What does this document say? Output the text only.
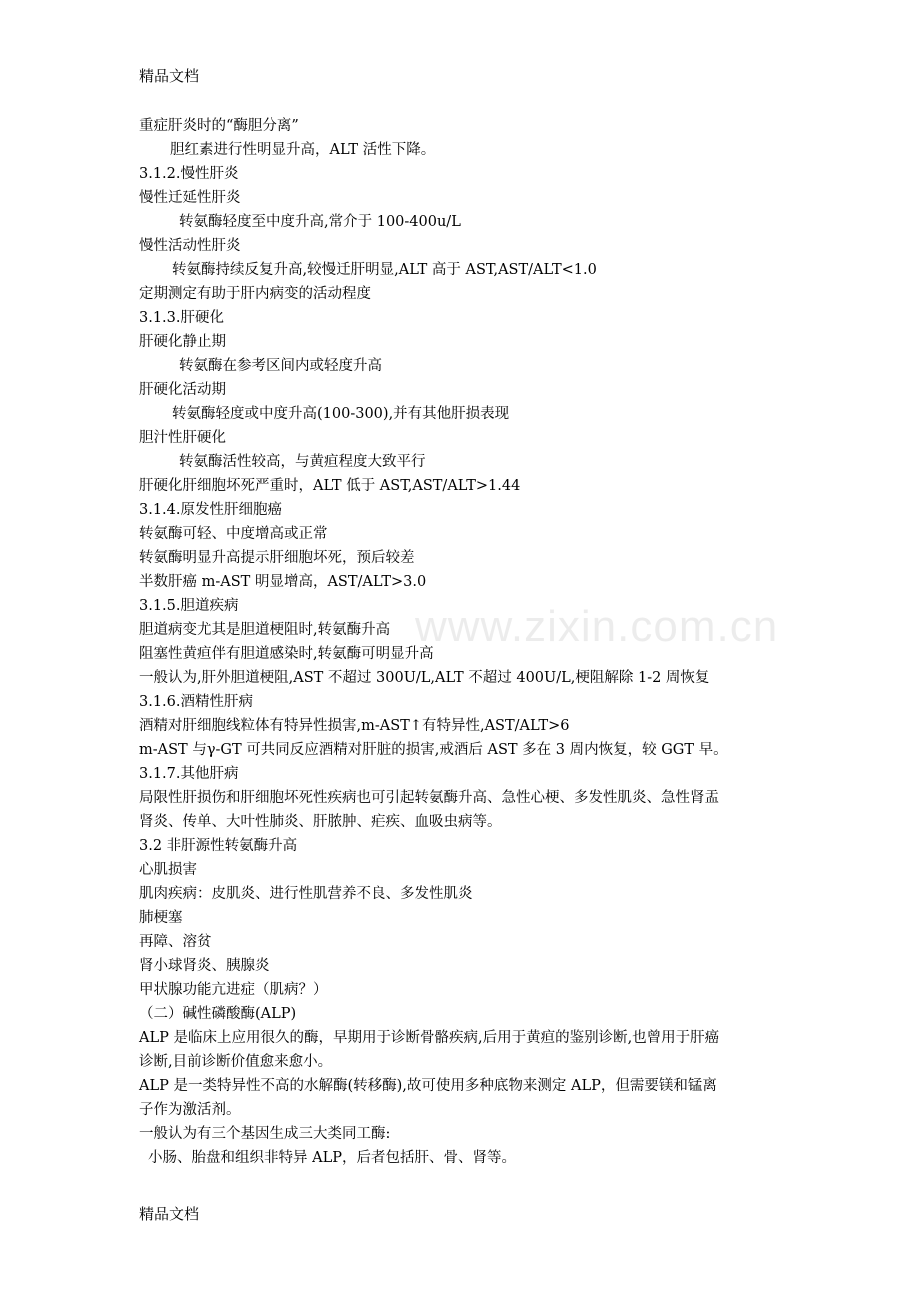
精品文档
www.zixin.com.cn
重症肝炎时的“酶胆分离”
胆红素进行性明显升高，ALT 活性下降。
3.1.2.慢性肝炎
慢性迁延性肝炎
转氨酶轻度至中度升高,常介于 100-400u/L
慢性活动性肝炎
转氨酶持续反复升高,较慢迁肝明显,ALT 高于 AST,AST/ALT<1.0
定期测定有助于肝内病变的活动程度
3.1.3.肝硬化
肝硬化静止期
转氨酶在参考区间内或轻度升高
肝硬化活动期
转氨酶轻度或中度升高(100-300),并有其他肝损表现
胆汁性肝硬化
转氨酶活性较高，与黄疸程度大致平行
肝硬化肝细胞坏死严重时，ALT 低于 AST,AST/ALT>1.44
3.1.4.原发性肝细胞癌
转氨酶可轻、中度增高或正常
转氨酶明显升高提示肝细胞坏死，预后较差
半数肝癌 m-AST 明显增高，AST/ALT>3.0
3.1.5.胆道疾病
胆道病变尤其是胆道梗阻时,转氨酶升高
阻塞性黄疸伴有胆道感染时,转氨酶可明显升高
一般认为,肝外胆道梗阻,AST 不超过 300U/L,ALT 不超过 400U/L,梗阻解除 1-2 周恢复
3.1.6.酒精性肝病
酒精对肝细胞线粒体有特异性损害,m-AST↑有特异性,AST/ALT>6
m-AST 与γ-GT 可共同反应酒精对肝脏的损害,戒酒后 AST 多在 3 周内恢复，较 GGT 早。
3.1.7.其他肝病
局限性肝损伤和肝细胞坏死性疾病也可引起转氨酶升高、急性心梗、多发性肌炎、急性肾盂
肾炎、传单、大叶性肺炎、肝脓肿、疟疾、血吸虫病等。
3.2 非肝源性转氨酶升高
心肌损害
肌肉疾病：皮肌炎、进行性肌营养不良、多发性肌炎
肺梗塞
再障、溶贫
肾小球肾炎、胰腺炎
甲状腺功能亢进症（肌病？）
（二）碱性磷酸酶(ALP)
ALP 是临床上应用很久的酶，早期用于诊断骨骼疾病,后用于黄疸的鉴别诊断,也曾用于肝癌
诊断,目前诊断价值愈来愈小。
ALP 是一类特异性不高的水解酶(转移酶),故可使用多种底物来测定 ALP，但需要镁和锰离
子作为激活剂。
一般认为有三个基因生成三大类同工酶:
小肠、胎盘和组织非特异 ALP，后者包括肝、骨、肾等。
精品文档
